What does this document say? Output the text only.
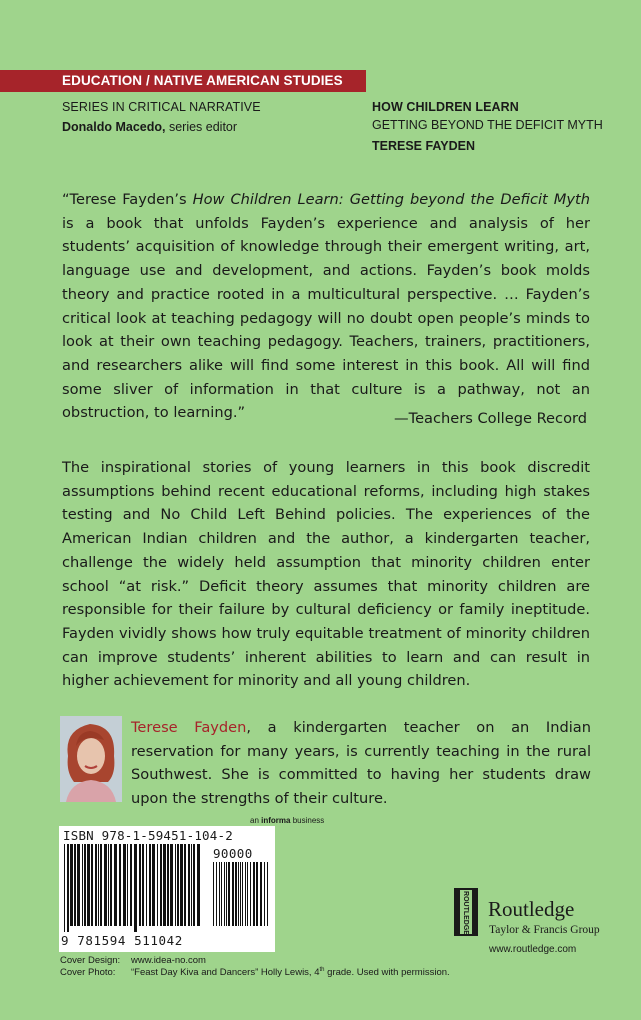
EDUCATION / NATIVE AMERICAN STUDIES
SERIES IN CRITICAL NARRATIVE
Donaldo Macedo, series editor
HOW CHILDREN LEARN
GETTING BEYOND THE DEFICIT MYTH
TERESE FAYDEN
“Terese Fayden’s How Children Learn: Getting beyond the Deficit Myth is a book that unfolds Fayden’s experience and analysis of her students’ acquisition of knowledge through their emergent writing, art, language use and development, and actions. Fayden’s book molds theory and practice rooted in a multicultural perspective. … Fayden’s critical look at teaching pedagogy will no doubt open people’s minds to look at their own teaching pedagogy. Teachers, trainers, practitioners, and researchers alike will find some interest in this book. All will find some sliver of information in that culture is a pathway, not an obstruction, to learning.”	—Teachers College Record
The inspirational stories of young learners in this book discredit assumptions behind recent educational reforms, including high stakes testing and No Child Left Behind policies. The experiences of the American Indian children and the author, a kindergarten teacher, challenge the widely held assumption that minority children enter school “at risk.” Deficit theory assumes that minority children are responsible for their failure by cultural deficiency or family ineptitude. Fayden vividly shows how truly equitable treatment of minority children can improve students’ inherent abilities to learn and can result in higher achievement for minority and all young children.
Terese Fayden, a kindergarten teacher on an Indian reservation for many years, is currently teaching in the rural Southwest. She is committed to having her students draw upon the strengths of their culture.
an informa business
ISBN 978-1-59451-104-2
90000
9 781594 511042
ROUTLEDGE Routledge
Taylor & Francis Group
www.routledge.com
Cover Design:	www.idea-no.com
Cover Photo:	“Feast Day Kiva and Dancers” Holly Lewis, 4th grade. Used with permission.
